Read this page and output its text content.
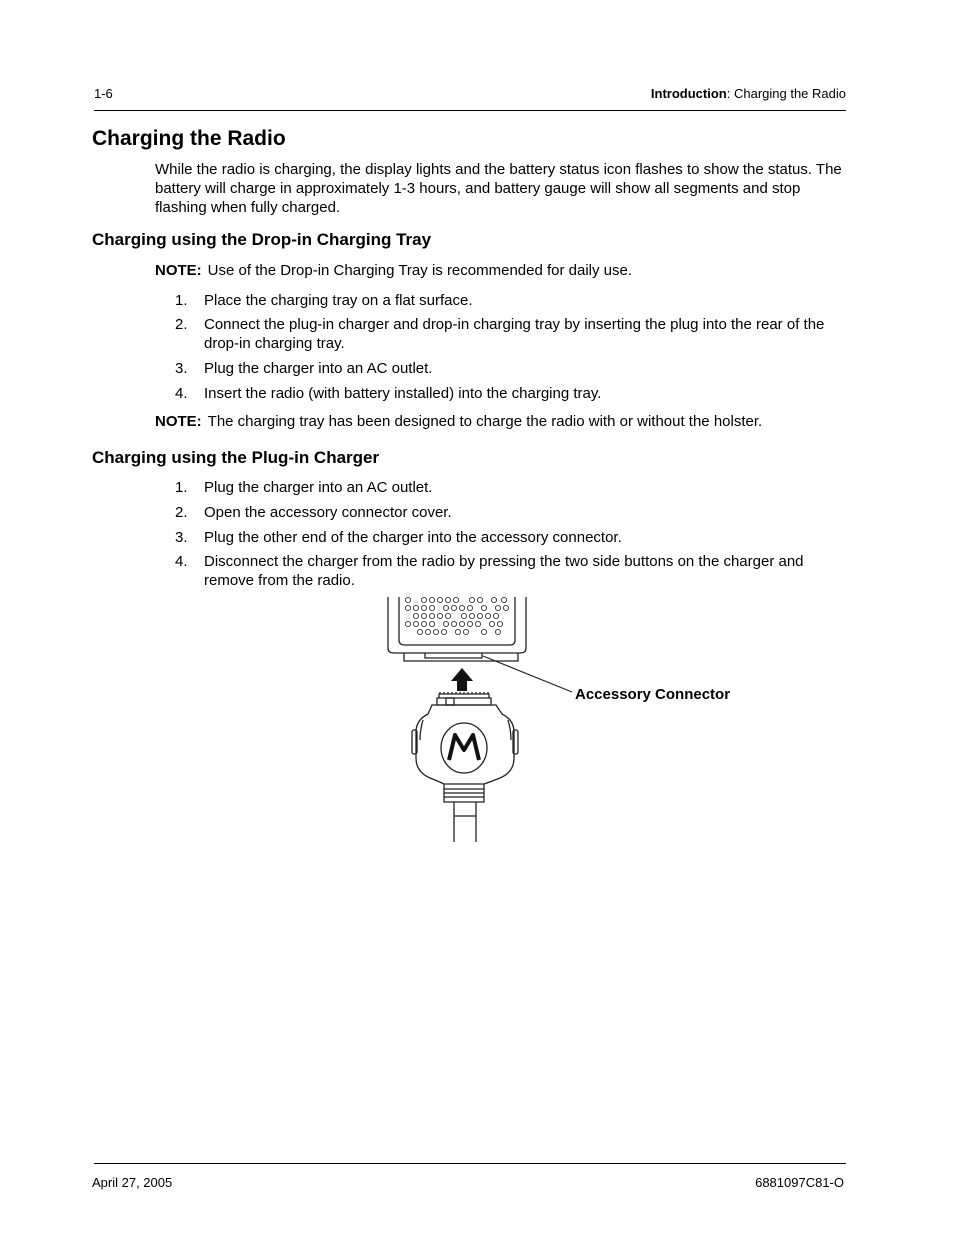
1-6	Introduction: Charging the Radio
Charging the Radio
While the radio is charging, the display lights and the battery status icon flashes to show the status. The battery will charge in approximately 1-3 hours, and battery gauge will show all segments and stop flashing when fully charged.
Charging using the Drop-in Charging Tray
NOTE: Use of the Drop-in Charging Tray is recommended for daily use.
1.	Place the charging tray on a flat surface.
2.	Connect the plug-in charger and drop-in charging tray by inserting the plug into the rear of the drop-in charging tray.
3.	Plug the charger into an AC outlet.
4.	Insert the radio (with battery installed) into the charging tray.
NOTE: The charging tray has been designed to charge the radio with or without the holster.
Charging using the Plug-in Charger
1.	Plug the charger into an AC outlet.
2.	Open the accessory connector cover.
3.	Plug the other end of the charger into the accessory connector.
4.	Disconnect the charger from the radio by pressing the two side buttons on the charger and remove from the radio.
Accessory Connector
April 27, 2005	6881097C81-O
